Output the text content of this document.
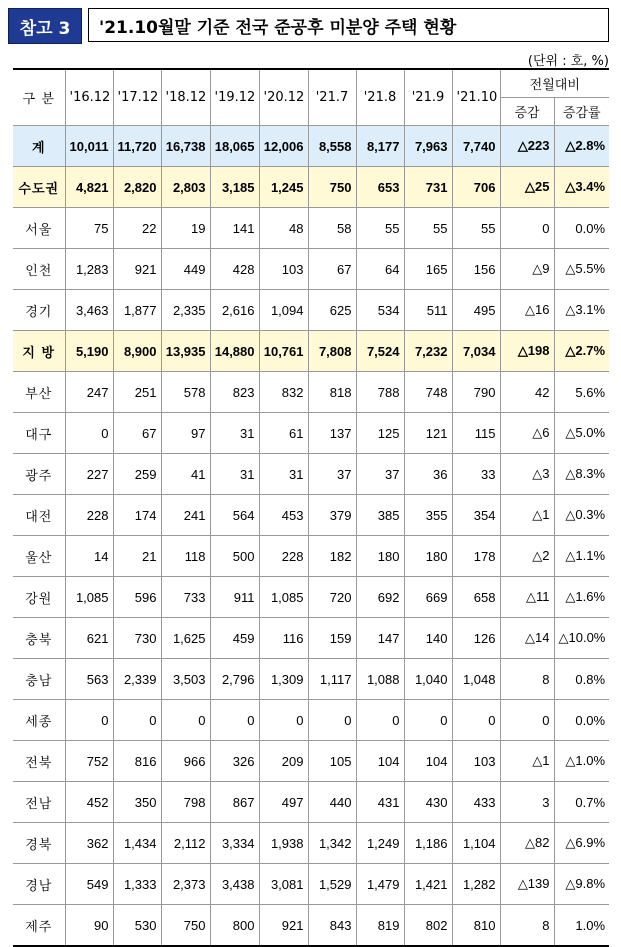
참고 3	'21.10월말 기준 전국 준공후 미분양 주택 현황
(단위 : 호, %)
구 분	'16.12	'17.12	'18.12	'19.12	'20.12	'21.7	'21.8	'21.9	'21.10	전월대비	
										증감	증감률
계	10,011	11,720	16,738	18,065	12,006	8,558	8,177	7,963	7,740	△223	△2.8%
수도권	4,821	2,820	2,803	3,185	1,245	750	653	731	706	△25	△3.4%
서울	75	22	19	141	48	58	55	55	55	0	0.0%
인천	1,283	921	449	428	103	67	64	165	156	△9	△5.5%
경기	3,463	1,877	2,335	2,616	1,094	625	534	511	495	△16	△3.1%
지 방	5,190	8,900	13,935	14,880	10,761	7,808	7,524	7,232	7,034	△198	△2.7%
부산	247	251	578	823	832	818	788	748	790	42	5.6%
대구	0	67	97	31	61	137	125	121	115	△6	△5.0%
광주	227	259	41	31	31	37	37	36	33	△3	△8.3%
대전	228	174	241	564	453	379	385	355	354	△1	△0.3%
울산	14	21	118	500	228	182	180	180	178	△2	△1.1%
강원	1,085	596	733	911	1,085	720	692	669	658	△11	△1.6%
충북	621	730	1,625	459	116	159	147	140	126	△14	△10.0%
충남	563	2,339	3,503	2,796	1,309	1,117	1,088	1,040	1,048	8	0.8%
세종	0	0	0	0	0	0	0	0	0	0	0.0%
전북	752	816	966	326	209	105	104	104	103	△1	△1.0%
전남	452	350	798	867	497	440	431	430	433	3	0.7%
경북	362	1,434	2,112	3,334	1,938	1,342	1,249	1,186	1,104	△82	△6.9%
경남	549	1,333	2,373	3,438	3,081	1,529	1,479	1,421	1,282	△139	△9.8%
제주	90	530	750	800	921	843	819	802	810	8	1.0%
